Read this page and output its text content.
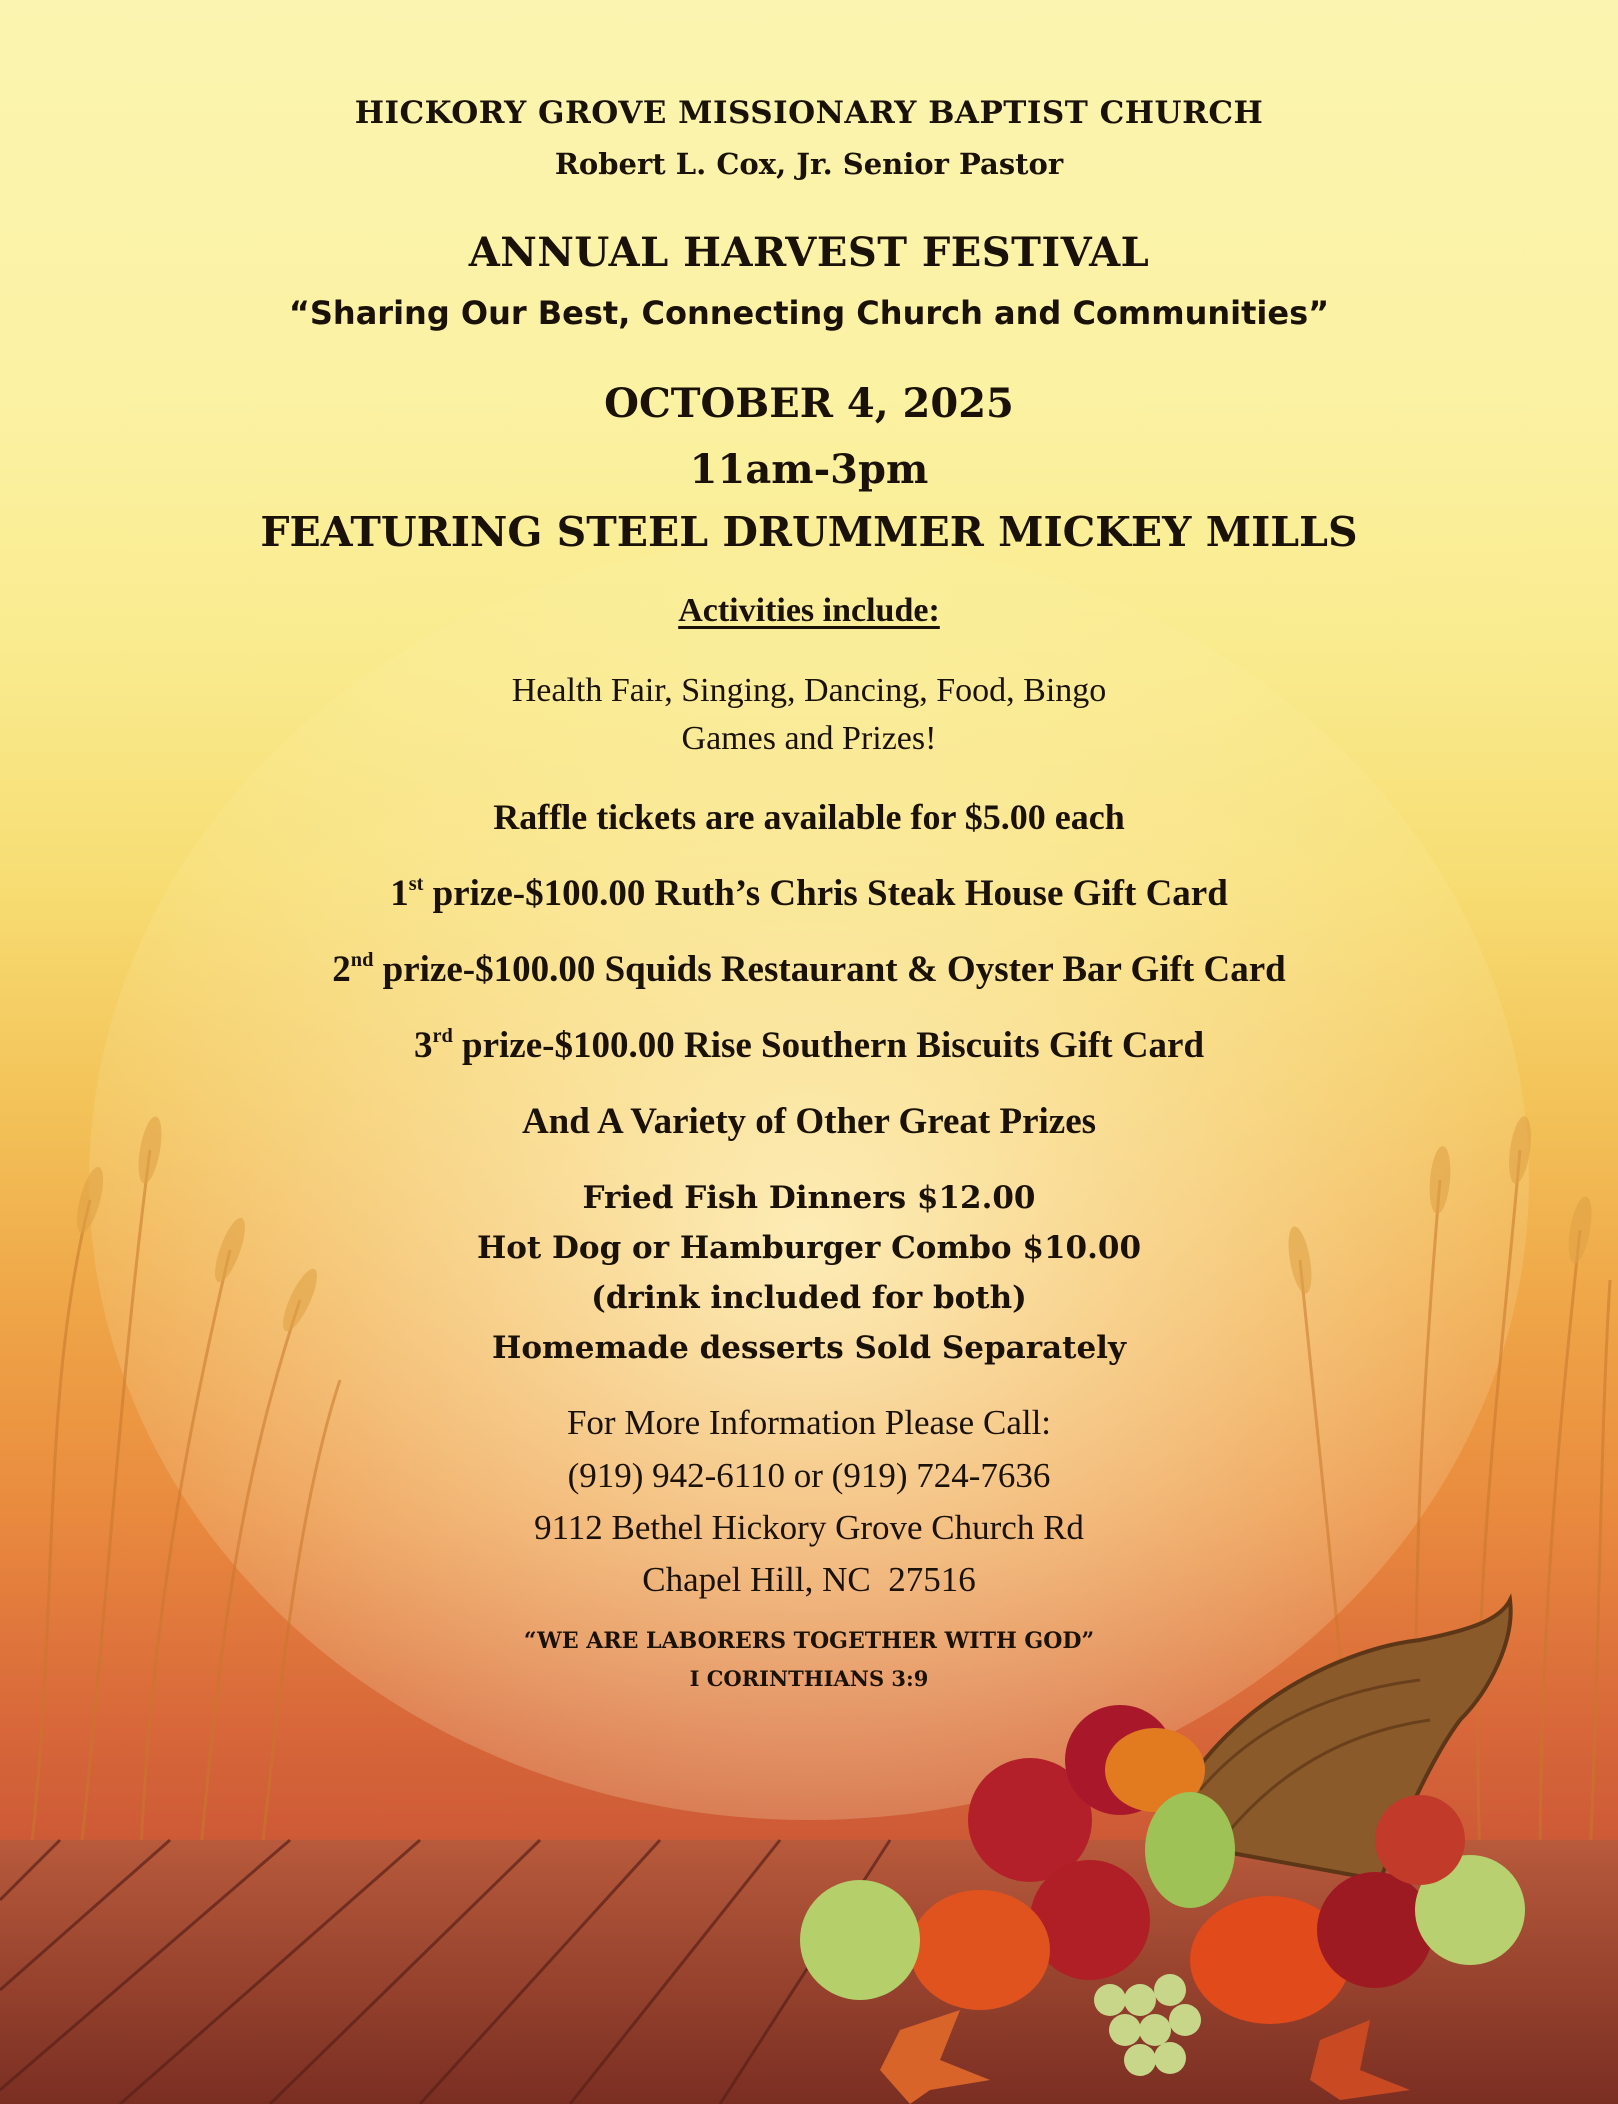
HICKORY GROVE MISSIONARY BAPTIST CHURCH
Robert L. Cox, Jr. Senior Pastor
ANNUAL HARVEST FESTIVAL
“Sharing Our Best, Connecting Church and Communities”
OCTOBER 4, 2025
11am-3pm
FEATURING STEEL DRUMMER MICKEY MILLS
Activities include:
Health Fair, Singing, Dancing, Food, Bingo
Games and Prizes!
Raffle tickets are available for $5.00 each
1st prize-$100.00 Ruth’s Chris Steak House Gift Card
2nd prize-$100.00 Squids Restaurant & Oyster Bar Gift Card
3rd prize-$100.00 Rise Southern Biscuits Gift Card
And A Variety of Other Great Prizes
Fried Fish Dinners $12.00
Hot Dog or Hamburger Combo $10.00
(drink included for both)
Homemade desserts Sold Separately
For More Information Please Call:
(919) 942-6110 or (919) 724-7636
9112 Bethel Hickory Grove Church Rd
Chapel Hill, NC  27516
“WE ARE LABORERS TOGETHER WITH GOD”
I CORINTHIANS 3:9
